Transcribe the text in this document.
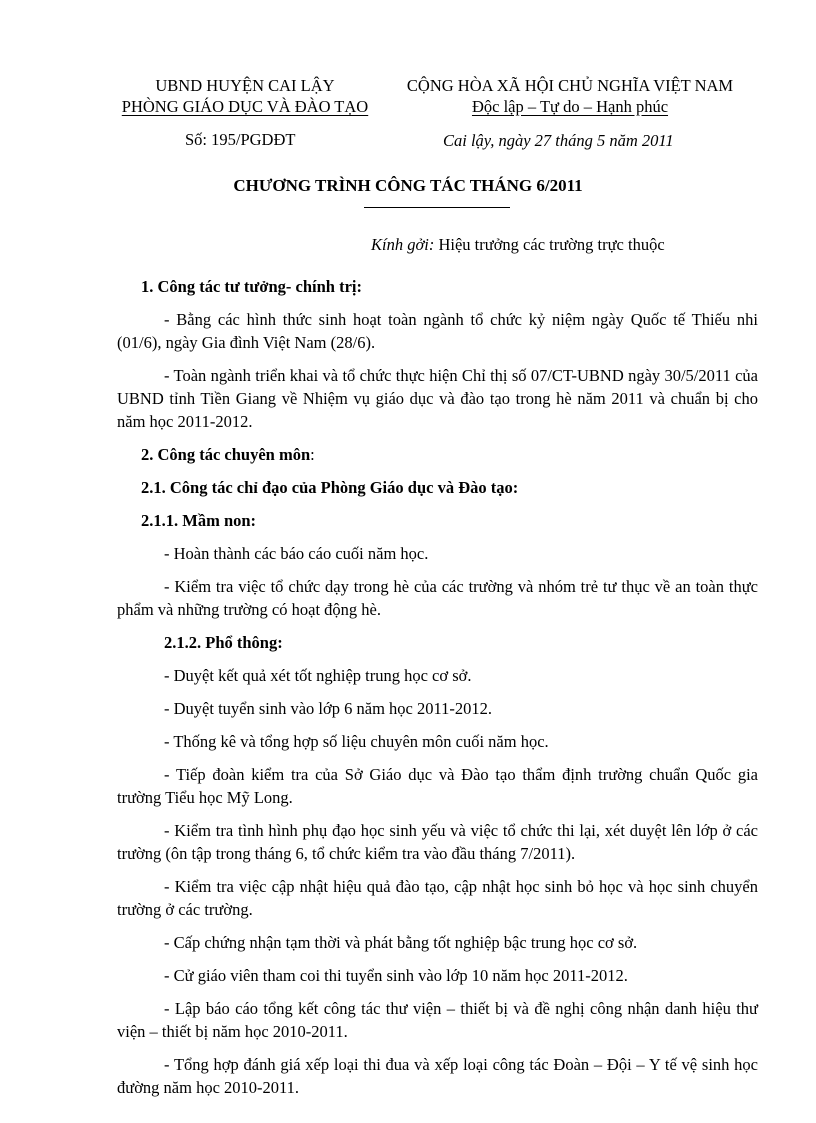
UBND HUYỆN CAI LẬY
PHÒNG GIÁO DỤC VÀ ĐÀO TẠO
CỘNG HÒA XÃ HỘI CHỦ NGHĨA VIỆT NAM
Độc lập – Tự do – Hạnh phúc
Số: 195/PGDĐT	Cai lậy, ngày 27 tháng 5 năm 2011
CHƯƠNG TRÌNH CÔNG TÁC THÁNG 6/2011
Kính gởi: Hiệu trưởng các trường trực thuộc

1. Công tác tư tưởng- chính trị:

- Bằng các hình thức sinh hoạt toàn ngành tổ chức kỷ niệm ngày Quốc tế Thiếu nhi (01/6), ngày Gia đình Việt Nam (28/6).

- Toàn ngành triển khai và tổ chức thực hiện Chỉ thị số 07/CT-UBND ngày 30/5/2011 của UBND tỉnh Tiền Giang về Nhiệm vụ giáo dục và đào tạo trong hè năm 2011 và chuẩn bị cho năm học 2011-2012.

2. Công tác chuyên môn:

2.1. Công tác chỉ đạo của Phòng Giáo dục và Đào tạo:

2.1.1. Mầm non:

- Hoàn thành các báo cáo cuối năm học.

- Kiểm tra việc tổ chức dạy trong hè của các trường và nhóm trẻ tư thục về an toàn thực phẩm và những trường có hoạt động hè.

2.1.2. Phổ thông:

- Duyệt kết quả xét tốt nghiệp trung học cơ sở.

- Duyệt tuyển sinh vào lớp 6 năm học 2011-2012.

- Thống kê và tổng hợp số liệu chuyên môn cuối năm học.

- Tiếp đoàn kiểm tra của Sở Giáo dục và Đào tạo thẩm định trường chuẩn Quốc gia trường Tiểu học Mỹ Long.

- Kiểm tra tình hình phụ đạo học sinh yếu và việc tổ chức thi lại, xét duyệt lên lớp ở các trường (ôn tập trong tháng 6, tổ chức kiểm tra vào đầu tháng 7/2011).

- Kiểm tra việc cập nhật hiệu quả đào tạo, cập nhật học sinh bỏ học và học sinh chuyển trường ở các trường.

- Cấp chứng nhận tạm thời và phát bằng tốt nghiệp bậc trung học cơ sở.

- Cử giáo viên tham coi thi tuyển sinh vào lớp 10 năm học 2011-2012.

- Lập báo cáo tổng kết công tác thư viện – thiết bị và đề nghị công nhận danh hiệu thư viện – thiết bị năm học 2010-2011.

- Tổng hợp đánh giá xếp loại thi đua và xếp loại công tác Đoàn – Đội – Y tế vệ sinh học đường năm học 2010-2011.
